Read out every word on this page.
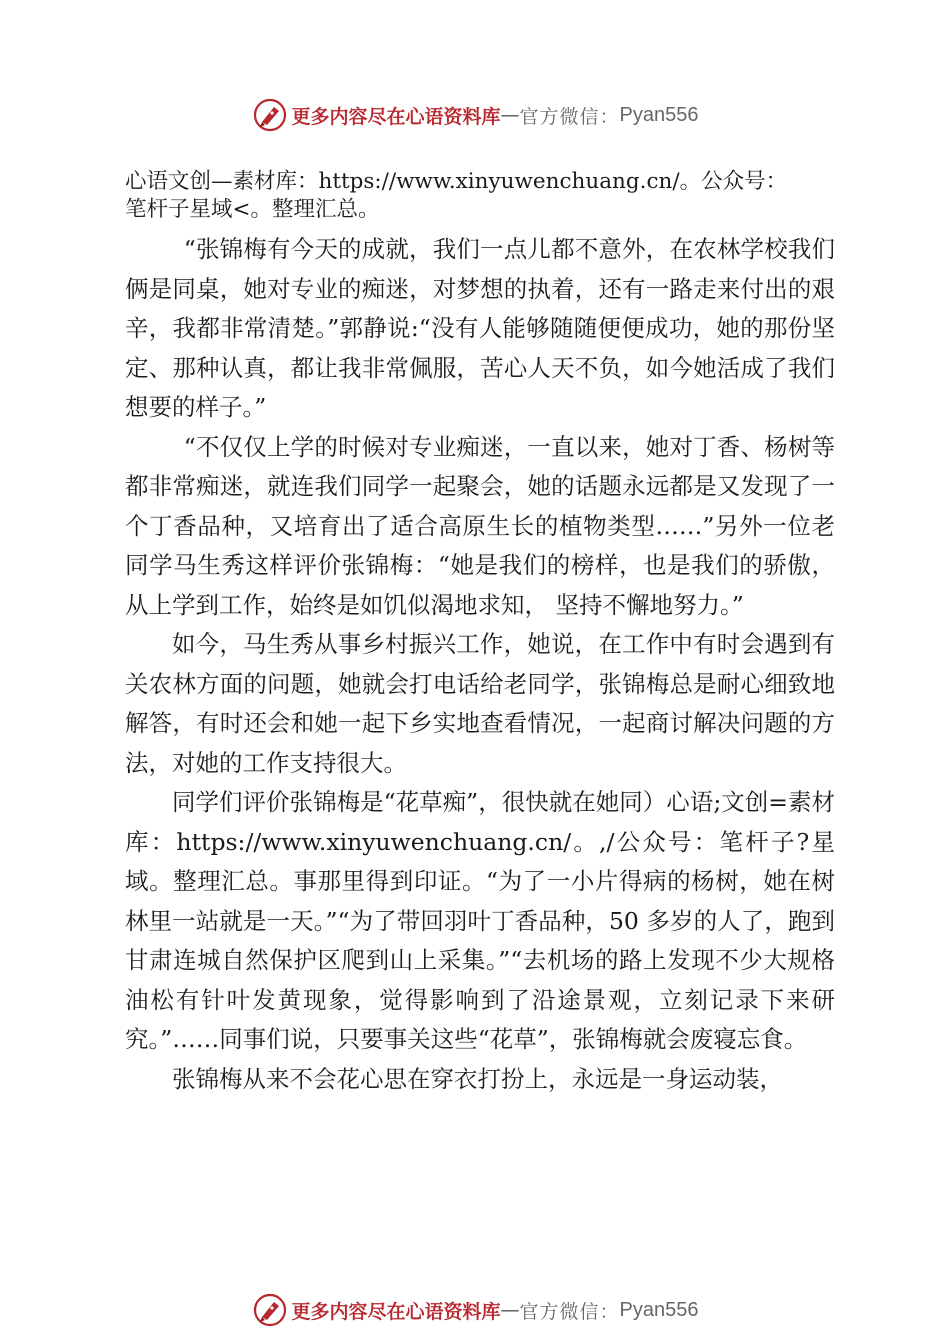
更多内容尽在心语资料库 — 官方微信： Pyan556

心语文创—素材库：https://www.xinyuwenchuang.cn/。公众号：

笔杆子星域<。整理汇总。

“张锦梅有今天的成就，我们一点儿都不意外，在农林学校我们俩是同桌，她对专业的痴迷，对梦想的执着，还有一路走来付出的艰辛，我都非常清楚。”郭静说:“没有人能够随随便便成功，她的那份坚定、那种认真，都让我非常佩服，苦心人天不负，如今她活成了我们想要的样子。”

“不仅仅上学的时候对专业痴迷，一直以来，她对丁香、杨树等都非常痴迷，就连我们同学一起聚会，她的话题永远都是又发现了一个丁香品种，又培育出了适合高原生长的植物类型……”另外一位老同学马生秀这样评价张锦梅：“她是我们的榜样，也是我们的骄傲，从上学到工作，始终是如饥似渴地求知， 坚持不懈地努力。”

如今，马生秀从事乡村振兴工作，她说，在工作中有时会遇到有关农林方面的问题，她就会打电话给老同学，张锦梅总是耐心细致地解答，有时还会和她一起下乡实地查看情况，一起商讨解决问题的方法，对她的工作支持很大。

同学们评价张锦梅是“花草痴”，很快就在她同）心语;文创=素材库：https://www.xinyuwenchuang.cn/。,/公众号：笔杆子?星域。整理汇总。事那里得到印证。“为了一小片得病的杨树，她在树林里一站就是一天。”“为了带回羽叶丁香品种，50 多岁的人了，跑到甘肃连城自然保护区爬到山上采集。”“去机场的路上发现不少大规格油松有针叶发黄现象，觉得影响到了沿途景观，立刻记录下来研究。”……同事们说，只要事关这些“花草”，张锦梅就会废寝忘食。

张锦梅从来不会花心思在穿衣打扮上，永远是一身运动装，

更多内容尽在心语资料库 — 官方微信： Pyan556
